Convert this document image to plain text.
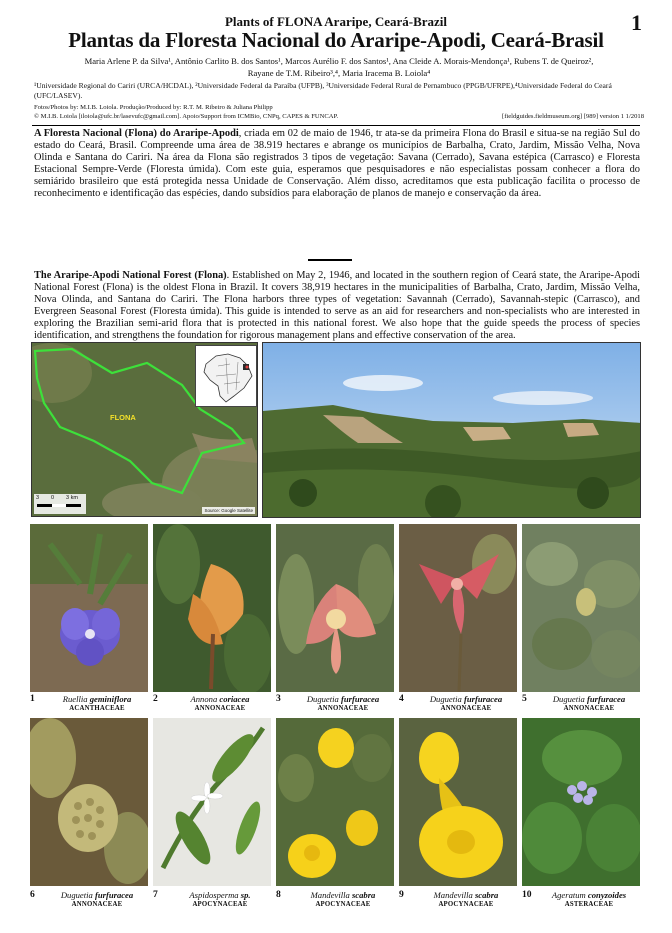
1
Plants of FLONA Araripe, Ceará-Brazil
Plantas da Floresta Nacional do Araripe-Apodi, Ceará-Brasil
Maria Arlene P. da Silva¹, Antônio Carlito B. dos Santos¹, Marcos Aurélio F. dos Santos¹, Ana Cleide A. Morais-Mendonça¹, Rubens T. de Queiroz²,
Rayane de T.M. Ribeiro³,⁴, Maria Iracema B. Loiola⁴
¹Universidade Regional do Cariri (URCA/HCDAL), ²Universidade Federal da Paraíba (UFPB), ³Universidade Federal Rural de Pernambuco (PPGB/UFRPE),⁴Universidade Federal do Ceará (UFC/LASEV).
Fotos/Photos by: M.I.B. Loiola. Produção/Produced by: R.T. M. Ribeiro & Juliana Philipp
© M.I.B. Loiola [iloiola@ufc.br/lasevufc@gmail.com]. Apoio/Support from ICMBio, CNPq, CAPES & FUNCAP.	[fieldguides.fieldmuseum.org] [989] version 1 1/2018

A Floresta Nacional (Flona) do Araripe-Apodi, criada em 02 de maio de 1946, tr ata-se da primeira Flona do Brasil e situa-se na região Sul do estado do Ceará, Brasil. Compreende uma área de 38.919 hectares e abrange os municípios de Barbalha, Crato, Jardim, Missão Velha, Nova Olinda e Santana do Cariri. Na área da Flona são registrados 3 tipos de vegetação: Savana (Cerrado), Savana estépica (Carrasco) e Floresta Estacional Sempre-Verde (Floresta úmida). Com este guia, esperamos que pesquisadores e não especialistas possam conhecer a flora do semiárido brasileiro que está protegida nessa Unidade de Conservação. Além disso, acreditamos que esta publicação facilita o processo de reconhecimento e identificação das espécies, dando subsídios para elaboração de planos de manejo e conservação da área.

The Araripe-Apodi National Forest (Flona). Established on May 2, 1946, and located in the southern region of Ceará state, the Araripe-Apodi National Forest (Flona) is the oldest Flona in Brazil. It covers 38,919 hectares in the municipalities of Barbalha, Crato, Jardim, Missão Velha, Nova Olinda, and Santana do Cariri. The Flona harbors three types of vegetation: Savannah (Cerrado), Savannah-stepic (Carrasco), and Evergreen Seasonal Forest (Floresta úmida). This guide is intended to serve as an aid for researchers and non-specialists who are interested in exploring the Brazilian semi-arid flora that is protected in this national forest. We also hope that the guide speeds the process of species identification, and strengthens the foundation for rigorous management plans and effective conservation of the area.

FLONA
3 0 3 km
Source: Google Satellite
1	Ruellia geminiflora
ACANTHACEAE
2	Annona coriacea
ANNONACEAE
3	Duguetia furfuracea
ANNONACEAE
4	Duguetia furfuracea
ANNONACEAE
5	Duguetia furfuracea
ANNONACEAE
6	Duguetia furfuracea
ANNONACEAE
7	Aspidosperma sp.
APOCYNACEAE
8	Mandevilla scabra
APOCYNACEAE
9	Mandevilla scabra
APOCYNACEAE
10	Ageratum conyzoides
ASTERACEAE
